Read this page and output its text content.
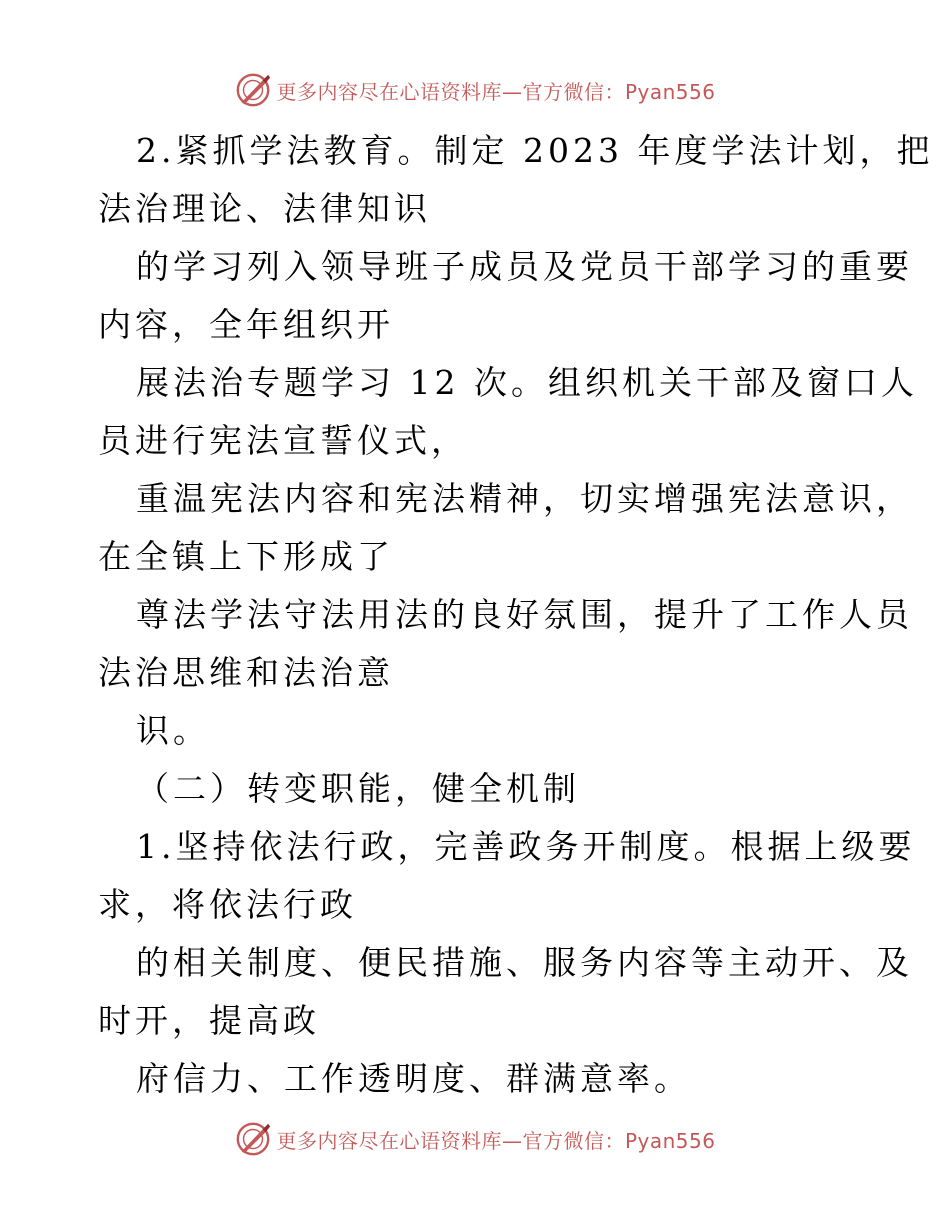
更多内容尽在心语资料库—官方微信：Pyan556
2.紧抓学法教育。制定 2023 年度学法计划，把
法治理论、法律知识
的学习列入领导班子成员及党员干部学习的重要
内容，全年组织开
展法治专题学习 12 次。组织机关干部及窗口人
员进行宪法宣誓仪式，
重温宪法内容和宪法精神，切实增强宪法意识，
在全镇上下形成了
尊法学法守法用法的良好氛围，提升了工作人员
法治思维和法治意
识。
（二）转变职能，健全机制
1.坚持依法行政，完善政务开制度。根据上级要
求，将依法行政
的相关制度、便民措施、服务内容等主动开、及
时开，提高政
府信力、工作透明度、群满意率。
更多内容尽在心语资料库—官方微信：Pyan556
